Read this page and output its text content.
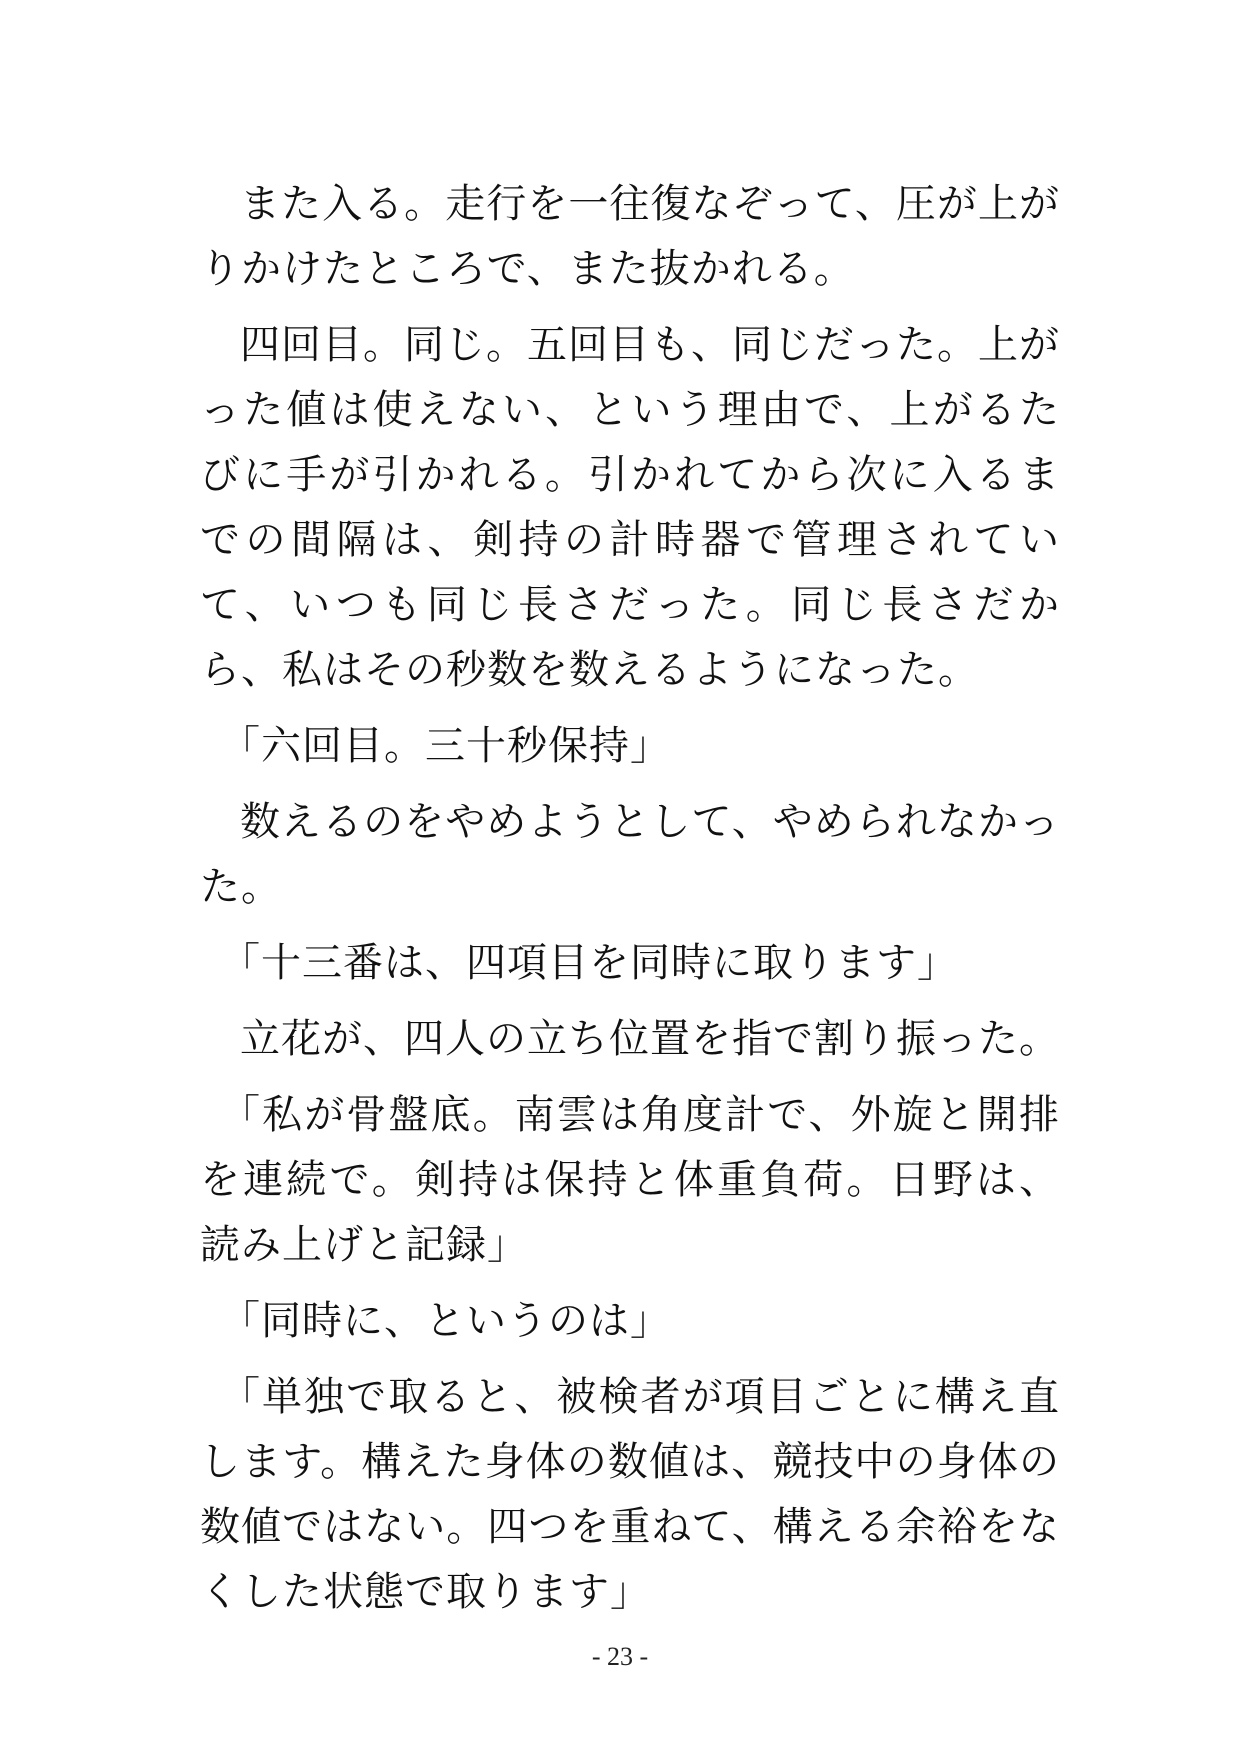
また入る。走行を一往復なぞって、圧が上がりかけたところで、また抜かれる。

四回目。同じ。五回目も、同じだった。上がった値は使えない、という理由で、上がるたびに手が引かれる。引かれてから次に入るまでの間隔は、剣持の計時器で管理されていて、いつも同じ長さだった。同じ長さだから、私はその秒数を数えるようになった。

「六回目。三十秒保持」

数えるのをやめようとして、やめられなかった。

「十三番は、四項目を同時に取ります」

立花が、四人の立ち位置を指で割り振った。

「私が骨盤底。南雲は角度計で、外旋と開排を連続で。剣持は保持と体重負荷。日野は、読み上げと記録」

「同時に、というのは」

「単独で取ると、被検者が項目ごとに構え直します。構えた身体の数値は、競技中の身体の数値ではない。四つを重ねて、構える余裕をなくした状態で取ります」

- 23 -
